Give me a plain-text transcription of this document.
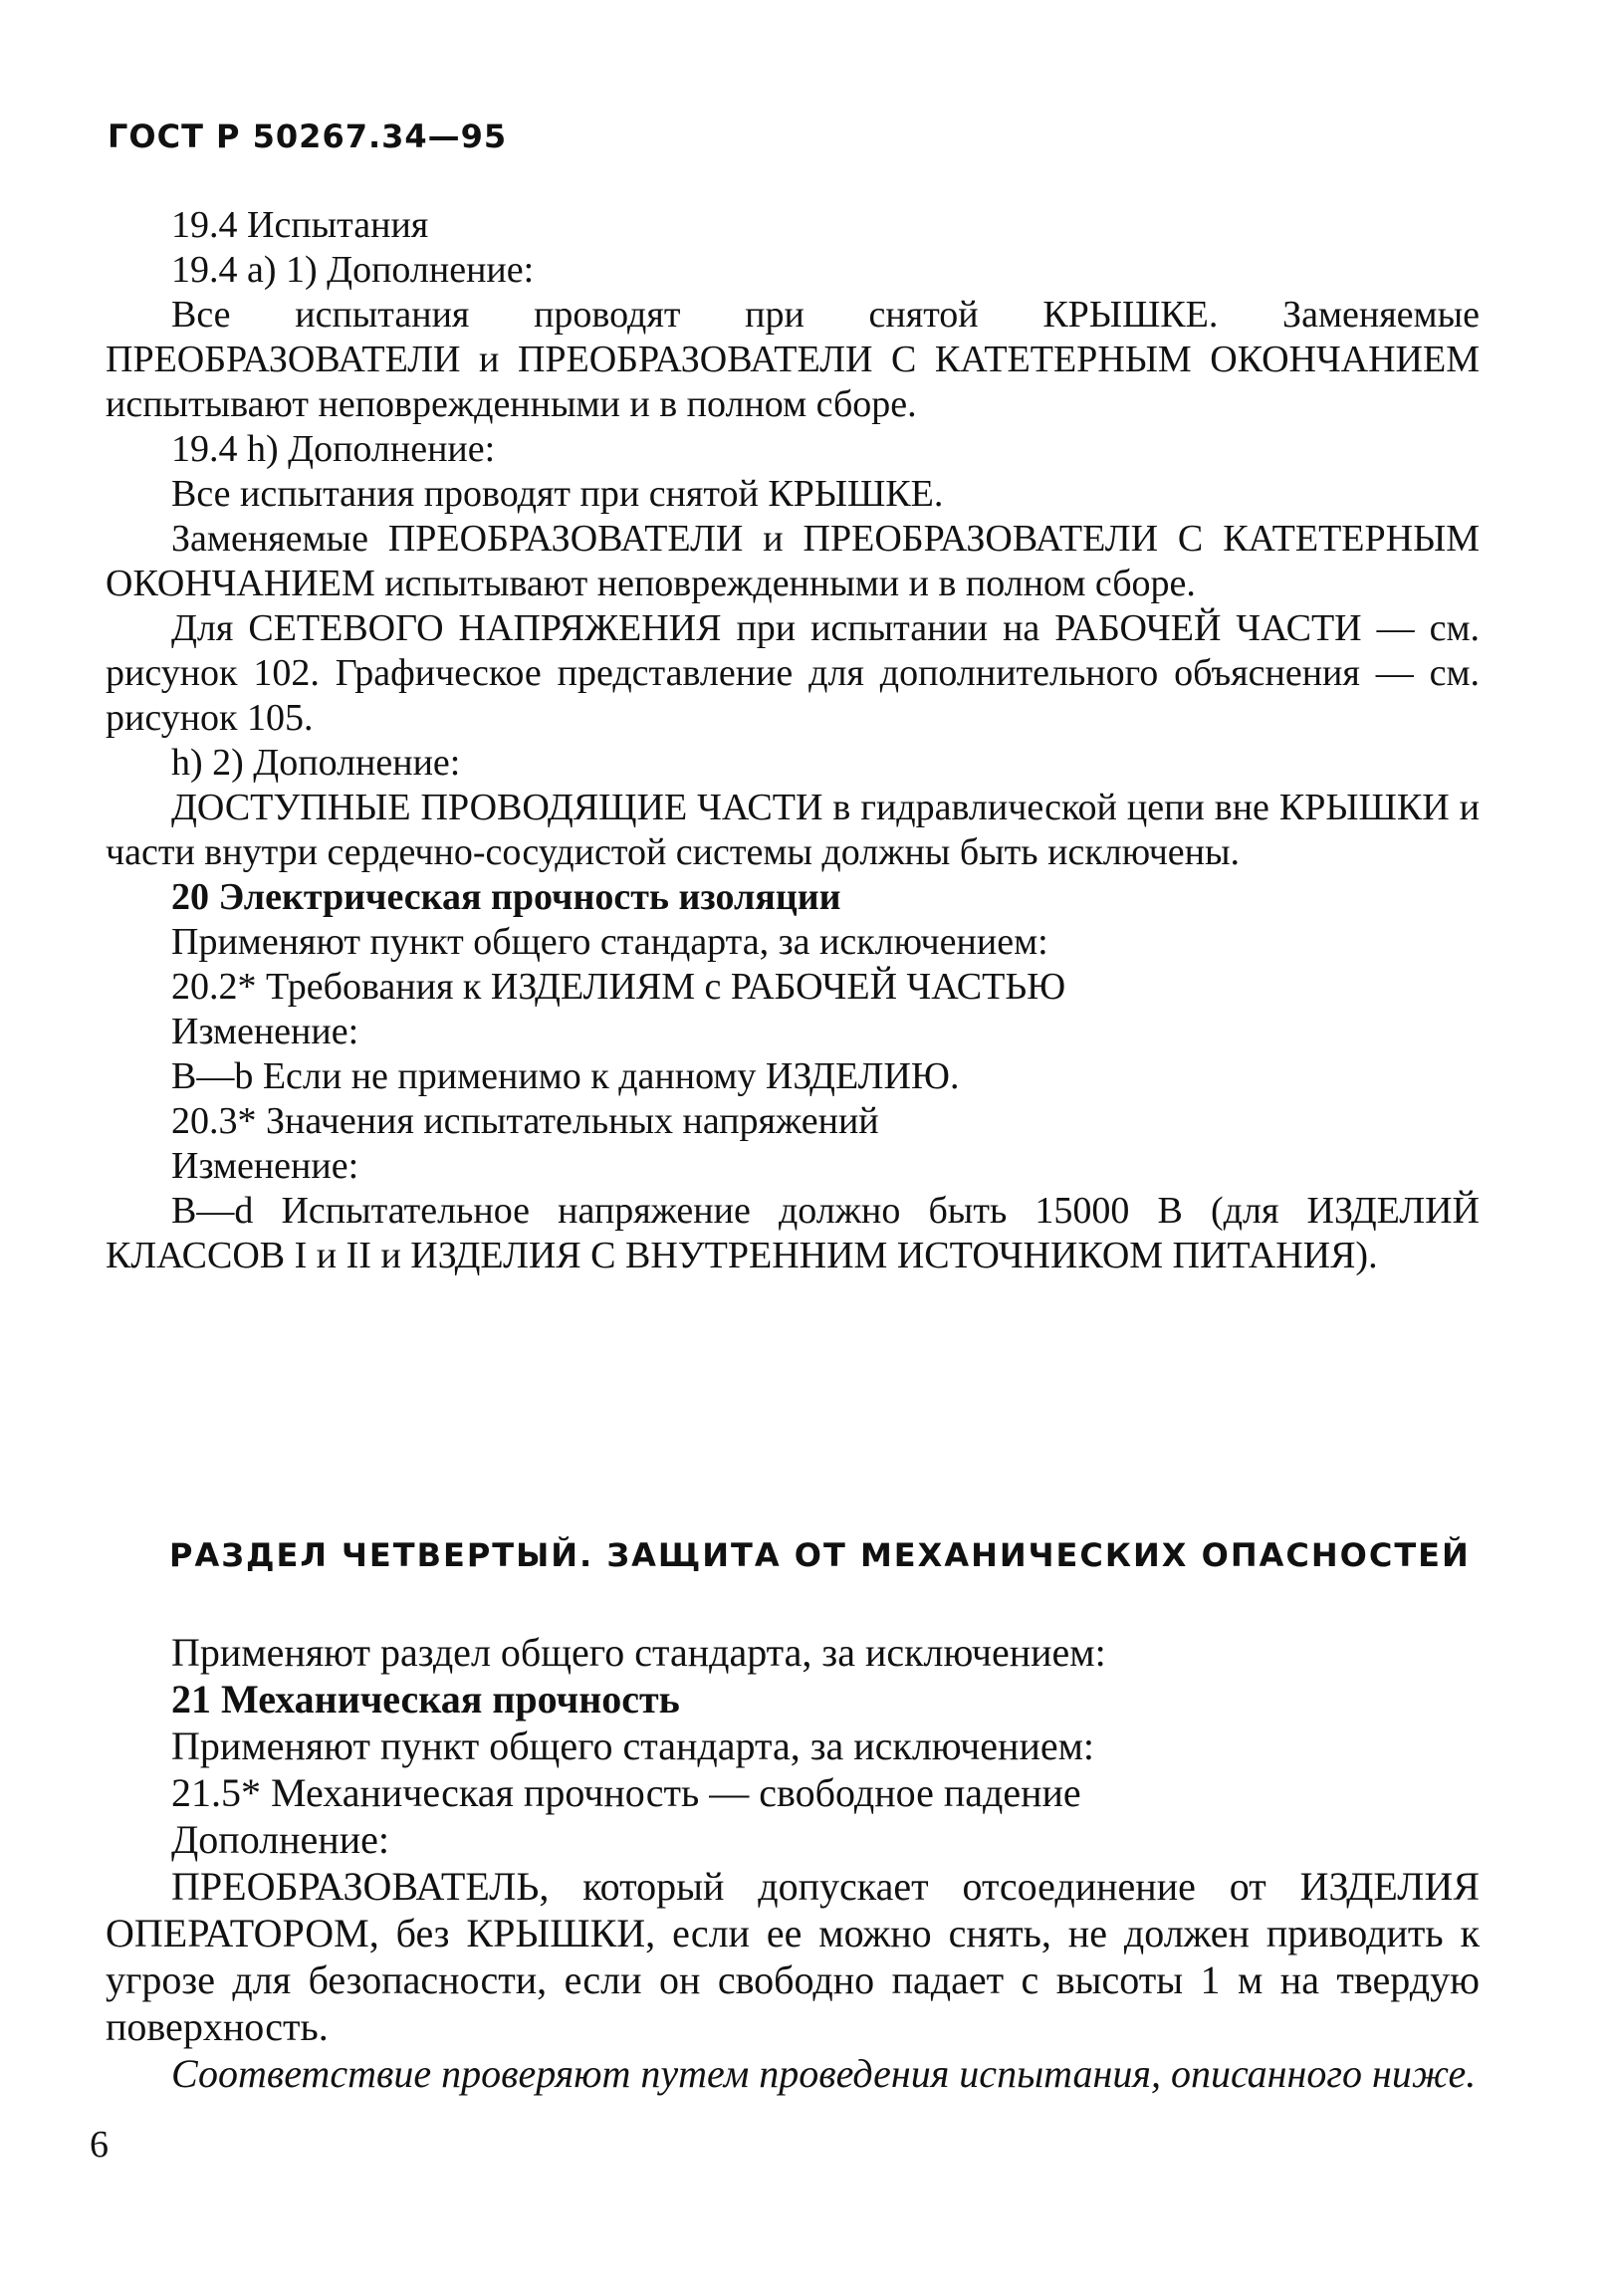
ГОСТ Р 50267.34—95

19.4 Испытания

19.4 а) 1) Дополнение:

Все испытания проводят при снятой КРЫШКЕ. Заменяемые ПРЕОБРАЗОВАТЕЛИ и ПРЕОБРАЗОВАТЕЛИ С КАТЕТЕРНЫМ ОКОНЧАНИЕМ испытывают неповрежденными и в полном сборе.

19.4 h) Дополнение:

Все испытания проводят при снятой КРЫШКЕ.

Заменяемые ПРЕОБРАЗОВАТЕЛИ и ПРЕОБРАЗОВАТЕЛИ С КАТЕТЕРНЫМ ОКОНЧАНИЕМ испытывают неповрежденными и в полном сборе.

Для СЕТЕВОГО НАПРЯЖЕНИЯ при испытании на РАБОЧЕЙ ЧАСТИ — см. рисунок 102. Графическое представление для дополнительного объяснения — см. рисунок 105.

h) 2) Дополнение:

ДОСТУПНЫЕ ПРОВОДЯЩИЕ ЧАСТИ в гидравлической цепи вне КРЫШКИ и части внутри сердечно-сосудистой системы должны быть исключены.

20 Электрическая прочность изоляции

Применяют пункт общего стандарта, за исключением:

20.2* Требования к ИЗДЕЛИЯМ с РАБОЧЕЙ ЧАСТЬЮ

Изменение:

В—b Если не применимо к данному ИЗДЕЛИЮ.

20.3* Значения испытательных напряжений

Изменение:

В—d Испытательное напряжение должно быть 15000 В (для ИЗДЕЛИЙ КЛАССОВ I и II и ИЗДЕЛИЯ С ВНУТРЕННИМ ИСТОЧНИКОМ ПИТАНИЯ).

РАЗДЕЛ ЧЕТВЕРТЫЙ. ЗАЩИТА ОТ МЕХАНИЧЕСКИХ ОПАСНОСТЕЙ

Применяют раздел общего стандарта, за исключением:

21 Механическая прочность

Применяют пункт общего стандарта, за исключением:

21.5* Механическая прочность — свободное падение

Дополнение:

ПРЕОБРАЗОВАТЕЛЬ, который допускает отсоединение от ИЗДЕЛИЯ ОПЕРАТОРОМ, без КРЫШКИ, если ее можно снять, не должен приводить к угрозе для безопасности, если он свободно падает с высоты 1 м на твердую поверхность.

Соответствие проверяют путем проведения испытания, описанного ниже.

6
